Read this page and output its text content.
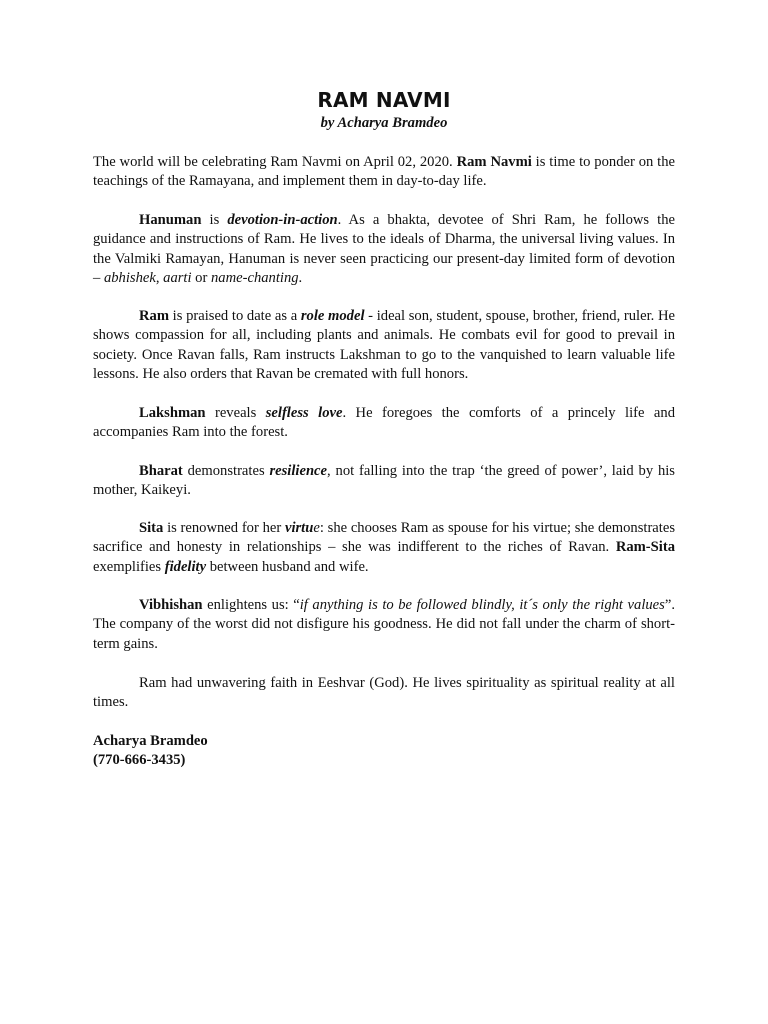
RAM NAVMI
by Acharya Bramdeo

The world will be celebrating Ram Navmi on April 02, 2020. Ram Navmi is time to ponder on the teachings of the Ramayana, and implement them in day-to-day life.

Hanuman is devotion-in-action. As a bhakta, devotee of Shri Ram, he follows the guidance and instructions of Ram. He lives to the ideals of Dharma, the universal living values. In the Valmiki Ramayan, Hanuman is never seen practicing our present-day limited form of devotion – abhishek, aarti or name-chanting.

Ram is praised to date as a role model - ideal son, student, spouse, brother, friend, ruler. He shows compassion for all, including plants and animals. He combats evil for good to prevail in society. Once Ravan falls, Ram instructs Lakshman to go to the vanquished to learn valuable life lessons. He also orders that Ravan be cremated with full honors.

Lakshman reveals selfless love. He foregoes the comforts of a princely life and accompanies Ram into the forest.

Bharat demonstrates resilience, not falling into the trap ‘the greed of power’, laid by his mother, Kaikeyi.

Sita is renowned for her virtue: she chooses Ram as spouse for his virtue; she demonstrates sacrifice and honesty in relationships – she was indifferent to the riches of Ravan. Ram-Sita exemplifies fidelity between husband and wife.

Vibhishan enlightens us: “if anything is to be followed blindly, it´s only the right values”. The company of the worst did not disfigure his goodness. He did not fall under the charm of short-term gains.

Ram had unwavering faith in Eeshvar (God). He lives spirituality as spiritual reality at all times.

Acharya Bramdeo
(770-666-3435)
